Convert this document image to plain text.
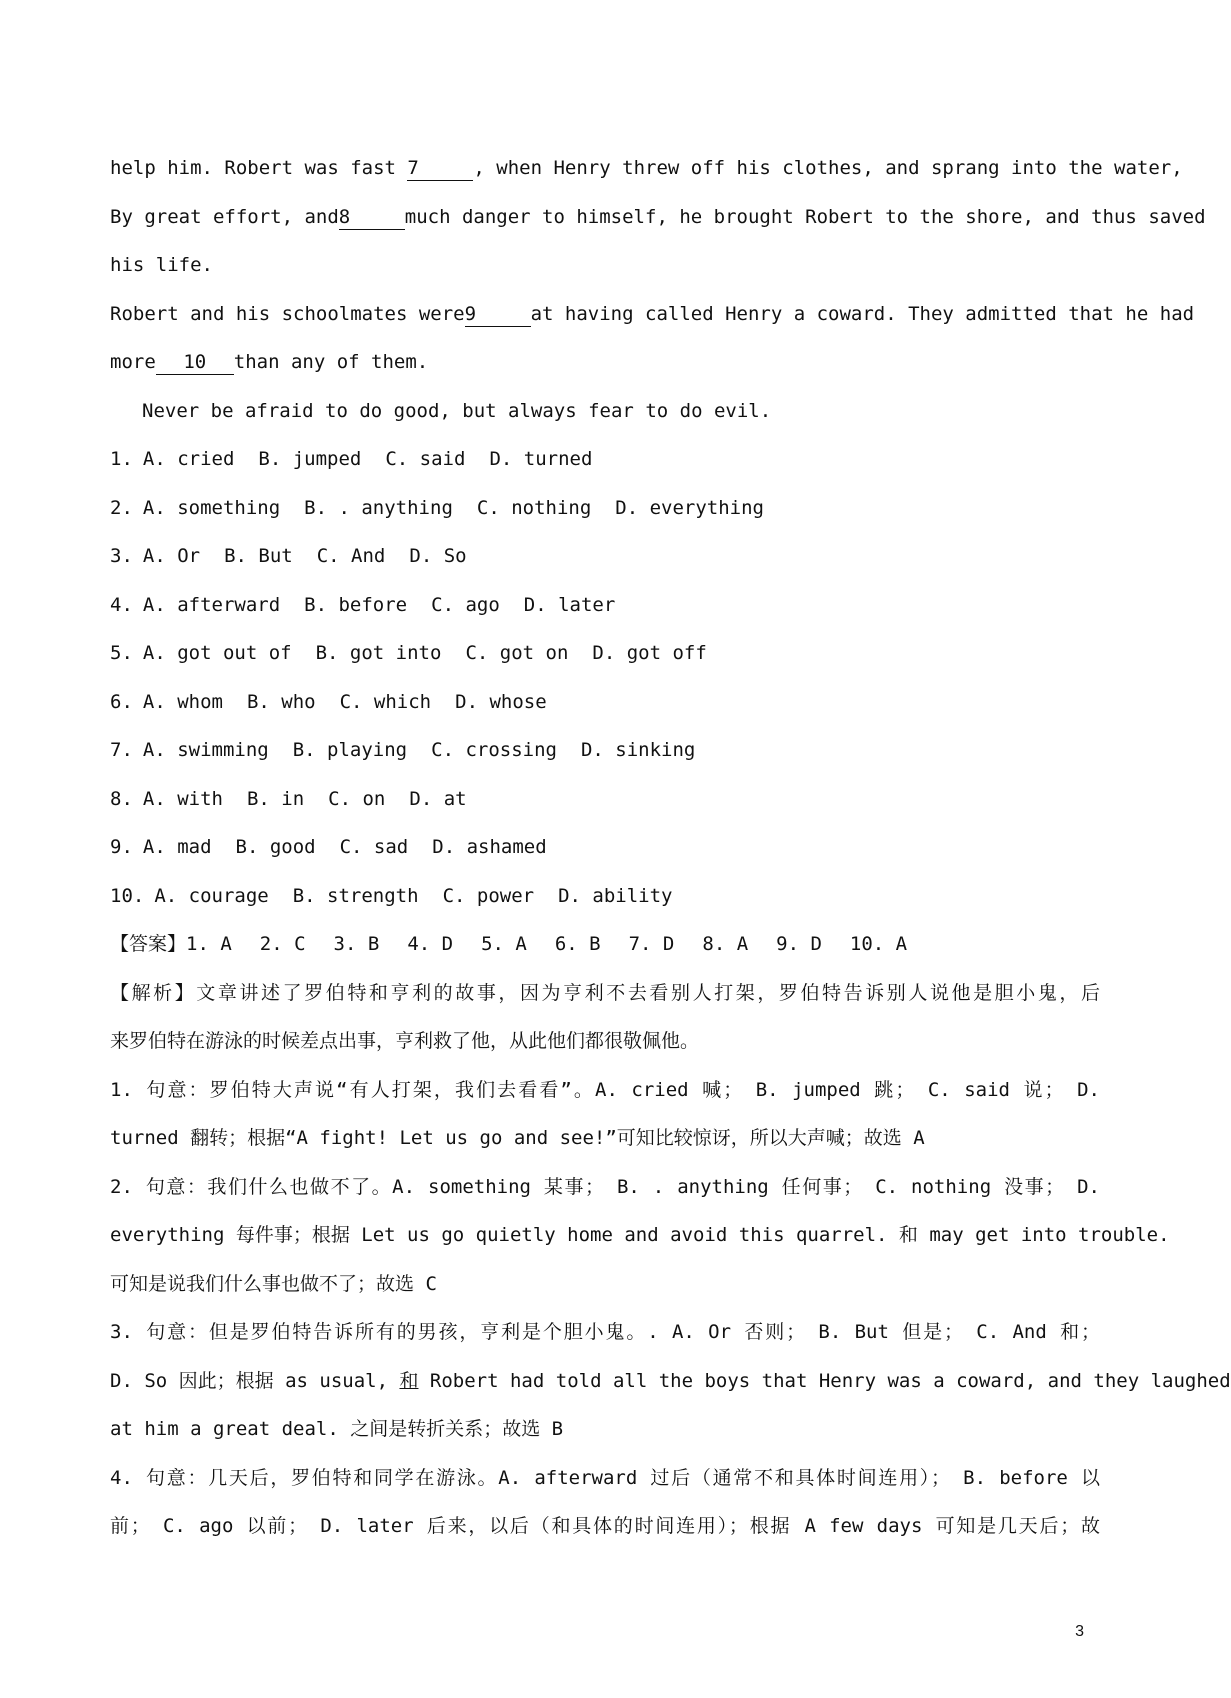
help him. Robert was fast 7	, when Henry threw off his clothes, and sprang into the water,
By great effort, and8	much danger to himself, he brought Robert to the shore, and thus saved
his life.
Robert and his schoolmates were9	at having called Henry a coward. They admitted that he had
more 10 than any of them.
Never be afraid to do good, but always fear to do evil.
1. A. cried B. jumped C. said D. turned
2. A. something B. . anything C. nothing D. everything
3. A. Or B. But C. And D. So
4. A. afterward B. before C. ago D. later
5. A. got out of B. got into C. got on D. got off
6. A. whom B. who C. which D. whose
7. A. swimming B. playing C. crossing D. sinking
8. A. with B. in C. on D. at
9. A. mad B. good C. sad D. ashamed
10. A. courage B. strength C. power D. ability
【答案】1. A 2. C 3. B 4. D 5. A 6. B 7. D 8. A 9. D 10. A
【解析】文章讲述了罗伯特和亨利的故事，因为亨利不去看别人打架，罗伯特告诉别人说他是胆小鬼，后
来罗伯特在游泳的时候差点出事，亨利救了他，从此他们都很敬佩他。
1. 句意：罗伯特大声说“有人打架，我们去看看”。A. cried 喊； B. jumped 跳； C. said 说； D.
turned 翻转；根据“A fight! Let us go and see!”可知比较惊讶，所以大声喊；故选 A
2. 句意：我们什么也做不了。A. something 某事； B. . anything 任何事； C. nothing 没事； D.
everything 每件事；根据 Let us go quietly home and avoid this quarrel. 和 may get into trouble.
可知是说我们什么事也做不了；故选 C
3. 句意：但是罗伯特告诉所有的男孩，亨利是个胆小鬼。. A. Or 否则； B. But 但是； C. And 和；
D. So 因此；根据 as usual, 和 Robert had told all the boys that Henry was a coward, and they laughed
at him a great deal. 之间是转折关系；故选 B
4. 句意：几天后，罗伯特和同学在游泳。A. afterward 过后（通常不和具体时间连用）； B. before 以
前； C. ago 以前； D. later 后来，以后（和具体的时间连用）；根据 A few days 可知是几天后；故
3
